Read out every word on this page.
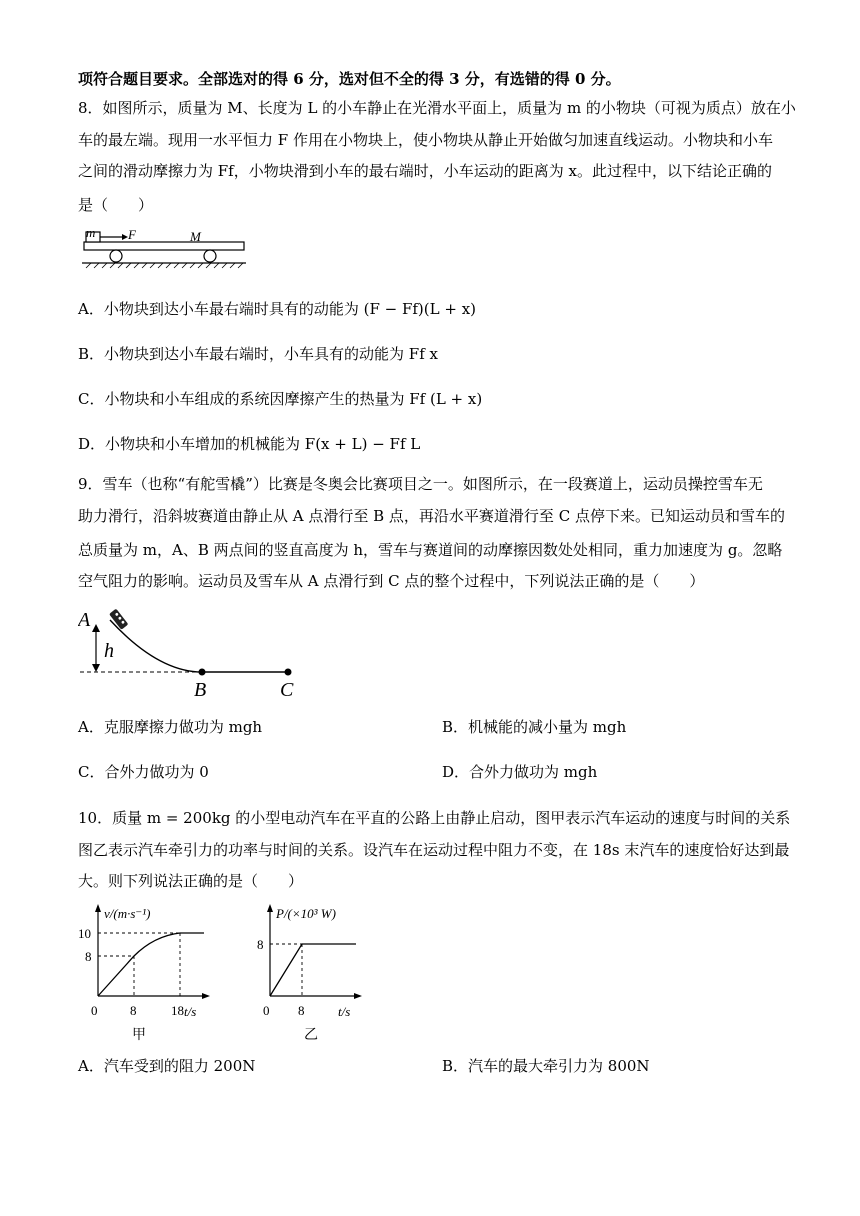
项符合题目要求。全部选对的得 6 分，选对但不全的得 3 分，有选错的得 0 分。
8．如图所示，质量为 M、长度为 L 的小车静止在光滑水平面上，质量为 m 的小物块（可视为质点）放在小
车的最左端。现用一水平恒力 F 作用在小物块上，使小物块从静止开始做匀加速直线运动。小物块和小车
之间的滑动摩擦力为 Ff，小物块滑到小车的最右端时，小车运动的距离为 x。此过程中，以下结论正确的
是（　　）
m	F	M
A．小物块到达小车最右端时具有的动能为 (F − Ff)(L + x)
B．小物块到达小车最右端时，小车具有的动能为 Ff x
C．小物块和小车组成的系统因摩擦产生的热量为 Ff (L + x)
D．小物块和小车增加的机械能为 F(x + L) − Ff L
9．雪车（也称“有舵雪橇”）比赛是冬奥会比赛项目之一。如图所示，在一段赛道上，运动员操控雪车无
助力滑行，沿斜坡赛道由静止从 A 点滑行至 B 点，再沿水平赛道滑行至 C 点停下来。已知运动员和雪车的
总质量为 m，A、B 两点间的竖直高度为 h，雪车与赛道间的动摩擦因数处处相同，重力加速度为 g。忽略
空气阻力的影响。运动员及雪车从 A 点滑行到 C 点的整个过程中，下列说法正确的是（　　）
A
h
B	C
A．克服摩擦力做功为 mgh	B．机械能的减小量为 mgh
C．合外力做功为 0	D．合外力做功为 mgh
10．质量 m = 200kg 的小型电动汽车在平直的公路上由静止启动，图甲表示汽车运动的速度与时间的关系
图乙表示汽车牵引力的功率与时间的关系。设汽车在运动过程中阻力不变，在 18s 末汽车的速度恰好达到最
大。则下列说法正确的是（　　）
v/(m·s⁻¹)
t/s
10
8
0	8	18
甲
P/(×10³ W)
t/s
8
0 8
乙
A．汽车受到的阻力 200N	B．汽车的最大牵引力为 800N
